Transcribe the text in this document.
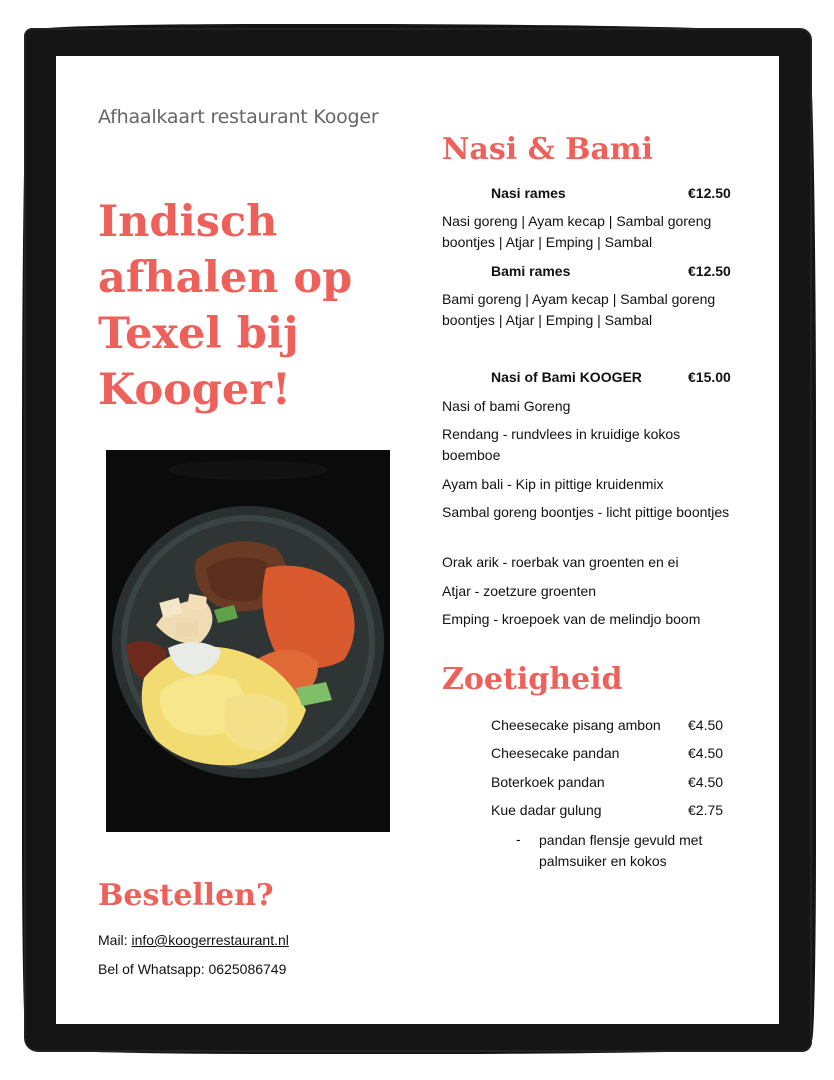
Afhaalkaart restaurant Kooger
Indisch afhalen op Texel bij Kooger!
Nasi & Bami
Nasi rames	€12.50
Nasi goreng | Ayam kecap | Sambal goreng boontjes | Atjar | Emping | Sambal
Bami rames	€12.50
Bami goreng | Ayam kecap | Sambal goreng boontjes | Atjar | Emping | Sambal
Nasi of Bami KOOGER	€15.00
Nasi of bami Goreng
Rendang - rundvlees in kruidige kokos boemboe
Ayam bali - Kip in pittige kruidenmix
Sambal goreng boontjes - licht pittige boontjes
Orak arik - roerbak van groenten en ei
Atjar - zoetzure groenten
Emping - kroepoek van de melindjo boom
Zoetigheid
Cheesecake pisang ambon €4.50
Cheesecake pandan	€4.50
Boterkoek pandan	€4.50
Kue dadar gulung	€2.75
- pandan flensje gevuld met palmsuiker en kokos
Bestellen?
Mail: info@koogerrestaurant.nl
Bel of Whatsapp: 0625086749
